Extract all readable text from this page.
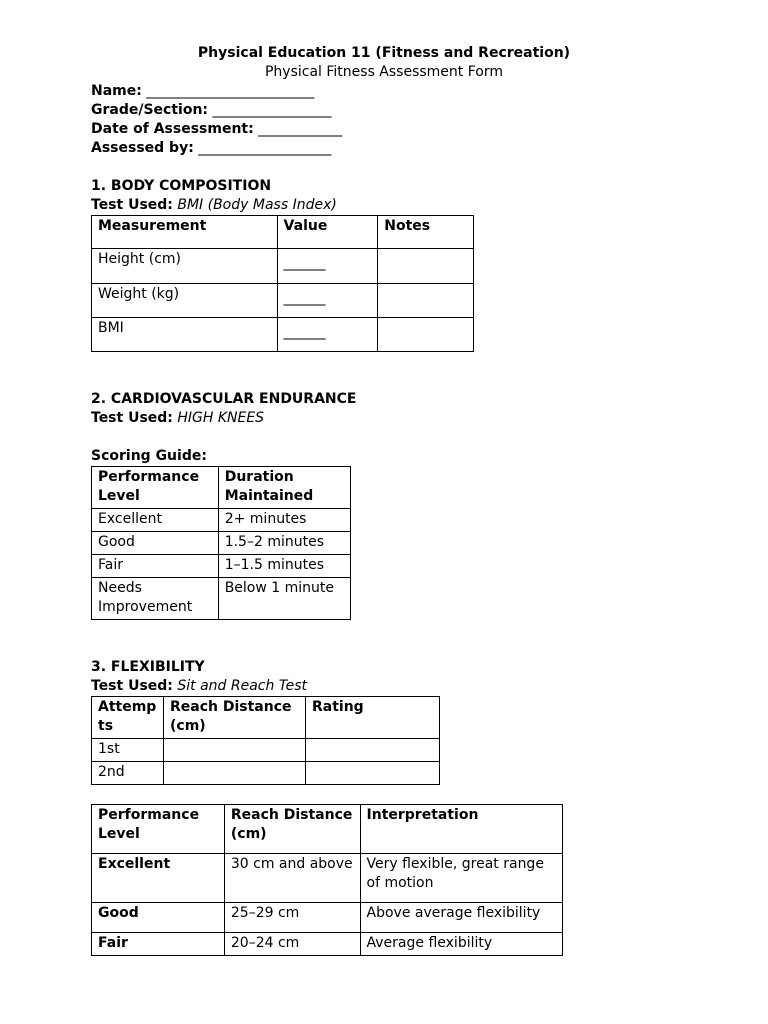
Physical Education 11 (Fitness and Recreation)
Physical Fitness Assessment Form
Name: ________________________
Grade/Section: _________________
Date of Assessment: ____________
Assessed by: ___________________
1. BODY COMPOSITION
Test Used: BMI (Body Mass Index)
Measurement	Value	Notes
Height (cm)	______	
Weight (kg)	______	
BMI	______	
2. CARDIOVASCULAR ENDURANCE
Test Used: HIGH KNEES
Scoring Guide:
Performance Level	Duration Maintained
Excellent	2+ minutes
Good	1.5–2 minutes
Fair	1–1.5 minutes
Needs Improvement	Below 1 minute
3. FLEXIBILITY
Test Used: Sit and Reach Test
Attempts	Reach Distance (cm)	Rating
1st		
2nd		
Performance Level	Reach Distance (cm)	Interpretation
Excellent	30 cm and above	Very flexible, great range of motion
Good	25–29 cm	Above average flexibility
Fair	20–24 cm	Average flexibility
